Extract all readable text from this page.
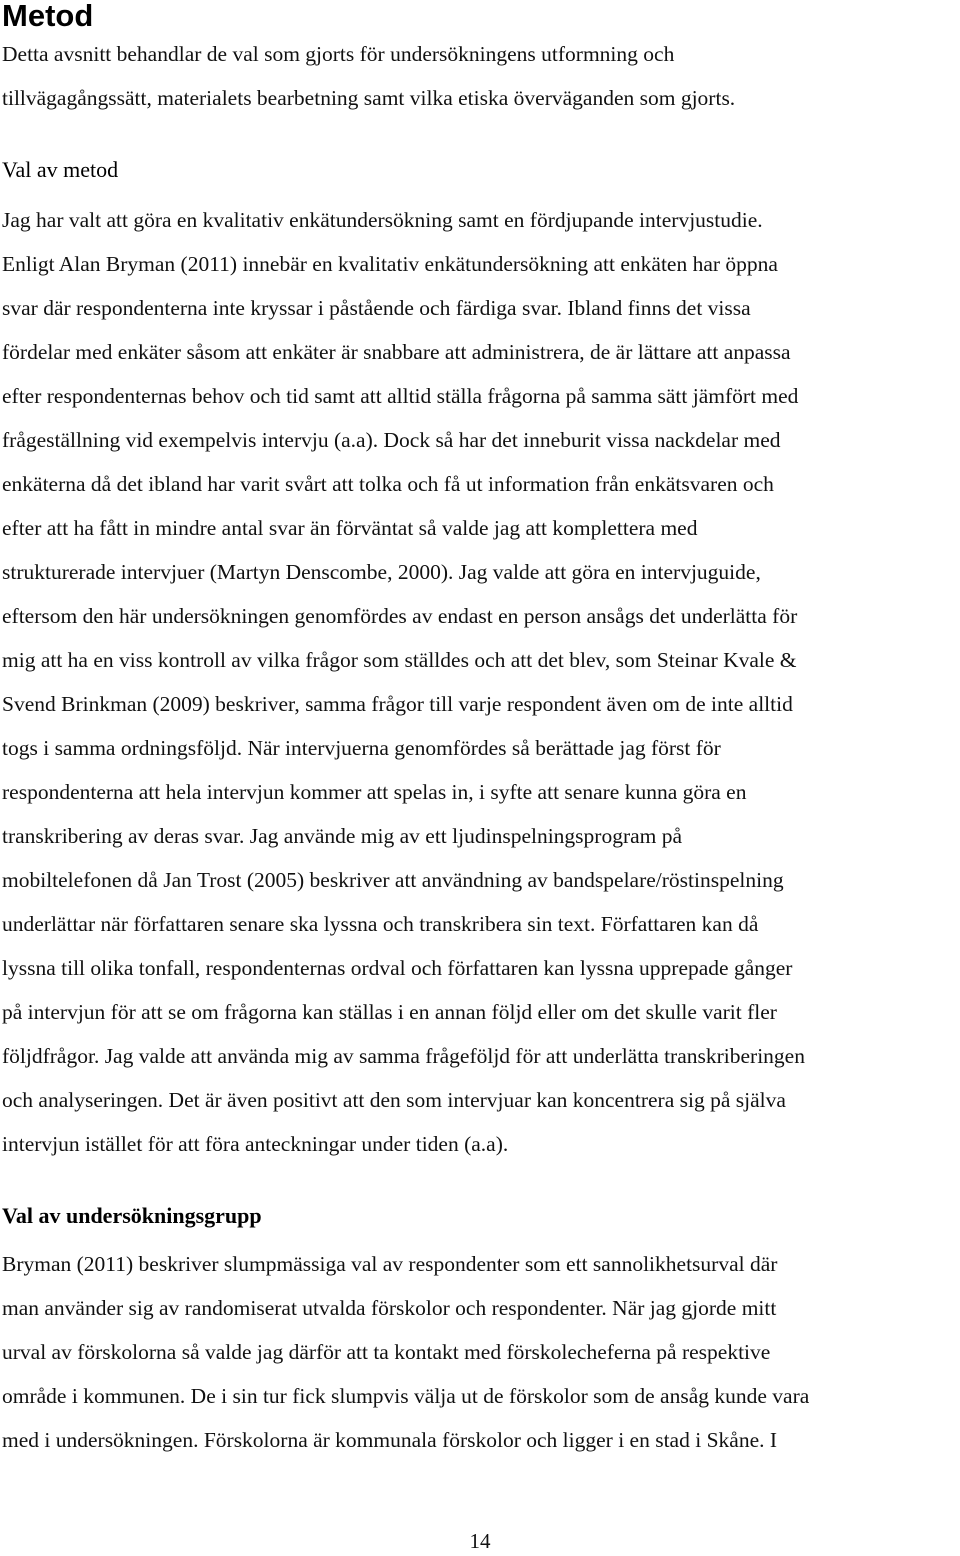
Metod

Detta avsnitt behandlar de val som gjorts för undersökningens utformning och

tillvägagångssätt, materialets bearbetning samt vilka etiska överväganden som gjorts.

Val av metod

Jag har valt att göra en kvalitativ enkätundersökning samt en fördjupande intervjustudie.

Enligt Alan Bryman (2011) innebär en kvalitativ enkätundersökning att enkäten har öppna

svar där respondenterna inte kryssar i påstående och färdiga svar. Ibland finns det vissa

fördelar med enkäter såsom att enkäter är snabbare att administrera, de är lättare att anpassa

efter respondenternas behov och tid samt att alltid ställa frågorna på samma sätt jämfört med

frågeställning vid exempelvis intervju (a.a). Dock så har det inneburit vissa nackdelar med

enkäterna då det ibland har varit svårt att tolka och få ut information från enkätsvaren och

efter att ha fått in mindre antal svar än förväntat så valde jag att komplettera med

strukturerade intervjuer (Martyn Denscombe, 2000). Jag valde att göra en intervjuguide,

eftersom den här undersökningen genomfördes av endast en person ansågs det underlätta för

mig att ha en viss kontroll av vilka frågor som ställdes och att det blev, som Steinar Kvale &

Svend Brinkman (2009) beskriver, samma frågor till varje respondent även om de inte alltid

togs i samma ordningsföljd. När intervjuerna genomfördes så berättade jag först för

respondenterna att hela intervjun kommer att spelas in, i syfte att senare kunna göra en

transkribering av deras svar. Jag använde mig av ett ljudinspelningsprogram på

mobiltelefonen då Jan Trost (2005) beskriver att användning av bandspelare/röstinspelning

underlättar när författaren senare ska lyssna och transkribera sin text. Författaren kan då

lyssna till olika tonfall, respondenternas ordval och författaren kan lyssna upprepade gånger

på intervjun för att se om frågorna kan ställas i en annan följd eller om det skulle varit fler

följdfrågor. Jag valde att använda mig av samma frågeföljd för att underlätta transkriberingen

och analyseringen. Det är även positivt att den som intervjuar kan koncentrera sig på själva

intervjun istället för att föra anteckningar under tiden (a.a).

Val av undersökningsgrupp

Bryman (2011) beskriver slumpmässiga val av respondenter som ett sannolikhetsurval där

man använder sig av randomiserat utvalda förskolor och respondenter. När jag gjorde mitt

urval av förskolorna så valde jag därför att ta kontakt med förskolecheferna på respektive

område i kommunen. De i sin tur fick slumpvis välja ut de förskolor som de ansåg kunde vara

med i undersökningen. Förskolorna är kommunala förskolor och ligger i en stad i Skåne. I

14
